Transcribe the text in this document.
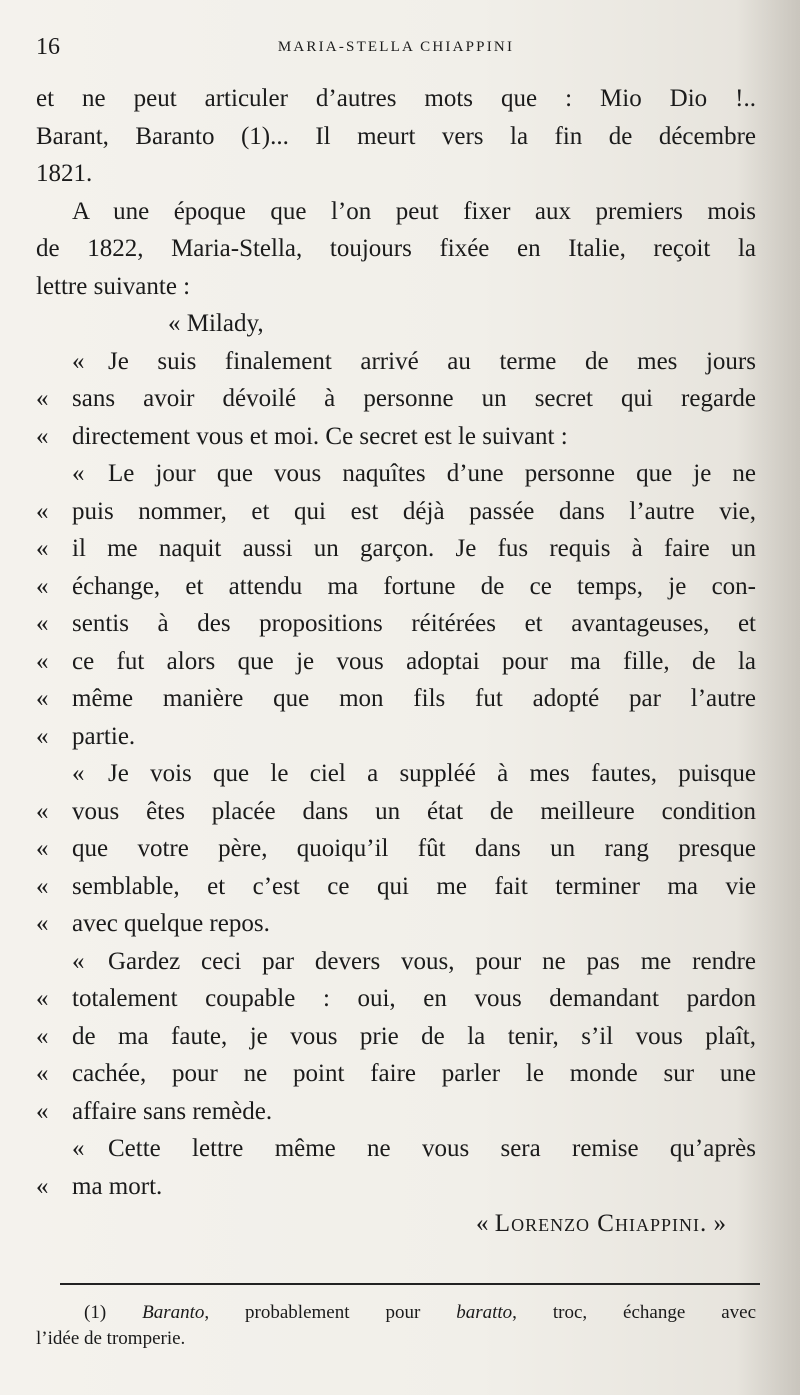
16	MARIA-STELLA CHIAPPINI
et ne peut articuler d’autres mots que : Mio Dio !..
Barant, Baranto (1)... Il meurt vers la fin de décembre
1821.
A une époque que l’on peut fixer aux premiers mois
de 1822, Maria-Stella, toujours fixée en Italie, reçoit la
lettre suivante :
« Milady,
« Je suis finalement arrivé au terme de mes jours
« sans avoir dévoilé à personne un secret qui regarde
« directement vous et moi. Ce secret est le suivant :
« Le jour que vous naquîtes d’une personne que je ne
« puis nommer, et qui est déjà passée dans l’autre vie,
« il me naquit aussi un garçon. Je fus requis à faire un
« échange, et attendu ma fortune de ce temps, je con-
« sentis à des propositions réitérées et avantageuses, et
« ce fut alors que je vous adoptai pour ma fille, de la
« même manière que mon fils fut adopté par l’autre
« partie.
« Je vois que le ciel a suppléé à mes fautes, puisque
« vous êtes placée dans un état de meilleure condition
« que votre père, quoiqu’il fût dans un rang presque
« semblable, et c’est ce qui me fait terminer ma vie
« avec quelque repos.
« Gardez ceci par devers vous, pour ne pas me rendre
« totalement coupable : oui, en vous demandant pardon
« de ma faute, je vous prie de la tenir, s’il vous plaît,
« cachée, pour ne point faire parler le monde sur une
« affaire sans remède.
« Cette lettre même ne vous sera remise qu’après
« ma mort.
« Lorenzo Chiappini. »
(1) Baranto, probablement pour baratto, troc, échange avec
l’idée de tromperie.
